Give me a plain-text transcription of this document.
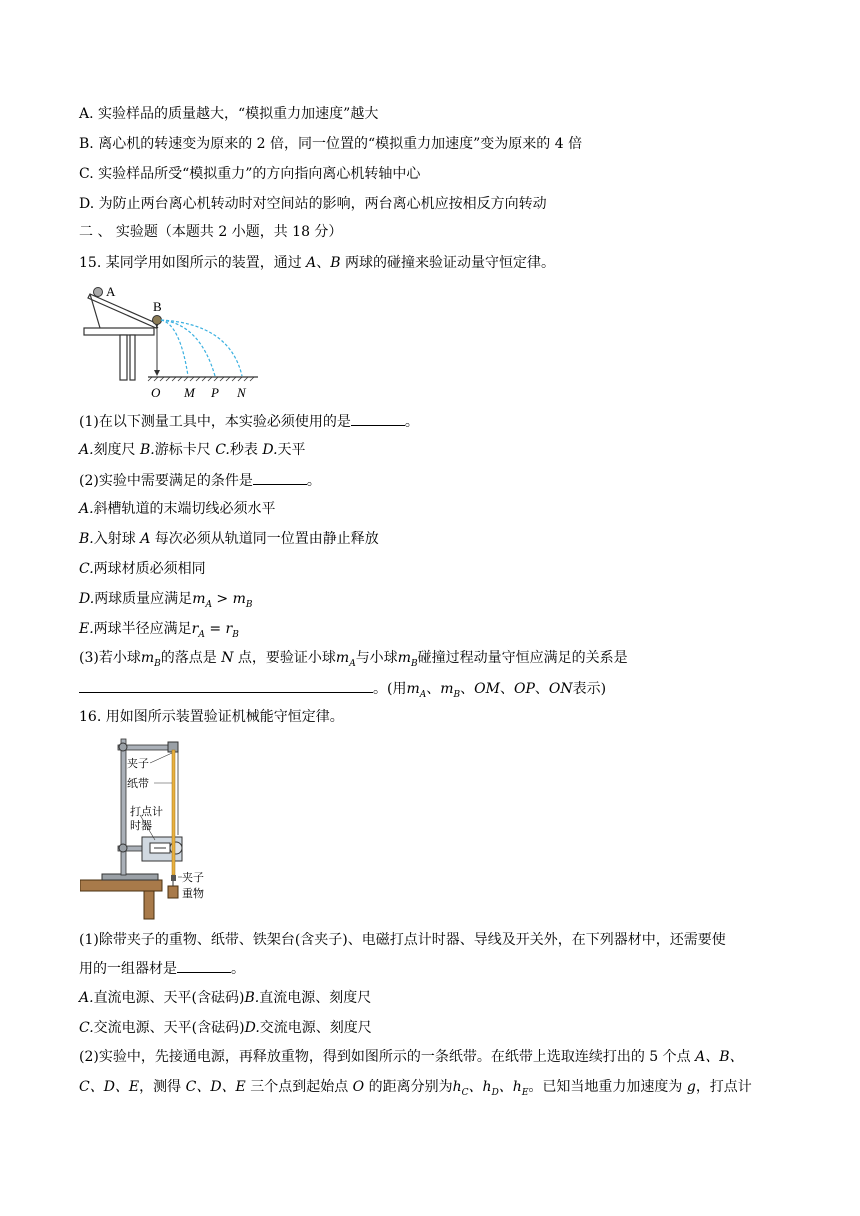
A. 实验样品的质量越大，“模拟重力加速度”越大
B. 离心机的转速变为原来的 2 倍，同一位置的“模拟重力加速度”变为原来的 4 倍
C. 实验样品所受“模拟重力”的方向指向离心机转轴中心
D. 为防止两台离心机转动时对空间站的影响，两台离心机应按相反方向转动
二 、 实验题（本题共 2 小题，共 18 分）
15. 某同学用如图所示的装置，通过 A、B 两球的碰撞来验证动量守恒定律。
A
B
O M P N
(1)在以下测量工具中，本实验必须使用的是	。
A.刻度尺 B.游标卡尺 C.秒表 D.天平
(2)实验中需要满足的条件是	。
A.斜槽轨道的末端切线必须水平
B.入射球 A 每次必须从轨道同一位置由静止释放
C.两球材质必须相同
D.两球质量应满足$m_A > m_B$
E.两球半径应满足$r_A = r_B$
(3)若小球$m_B$的落点是 N 点，要验证小球$m_A$与小球$m_B$碰撞过程动量守恒应满足的关系是
。(用$m_A$、$m_B$、OM、OP、ON表示)
16. 用如图所示装置验证机械能守恒定律。
夹子
纸带
打点计
时器
夹子
重物
(1)除带夹子的重物、纸带、铁架台(含夹子)、电磁打点计时器、导线及开关外，在下列器材中，还需要使
用的一组器材是	。
A.直流电源、天平(含砝码)B.直流电源、刻度尺
C.交流电源、天平(含砝码)D.交流电源、刻度尺
(2)实验中，先接通电源，再释放重物，得到如图所示的一条纸带。在纸带上选取连续打出的 5 个点 A、B、
C、D、E，测得 C、D、E 三个点到起始点 O 的距离分别为$h_C$、$h_D$、$h_E$。已知当地重力加速度为 g，打点计
